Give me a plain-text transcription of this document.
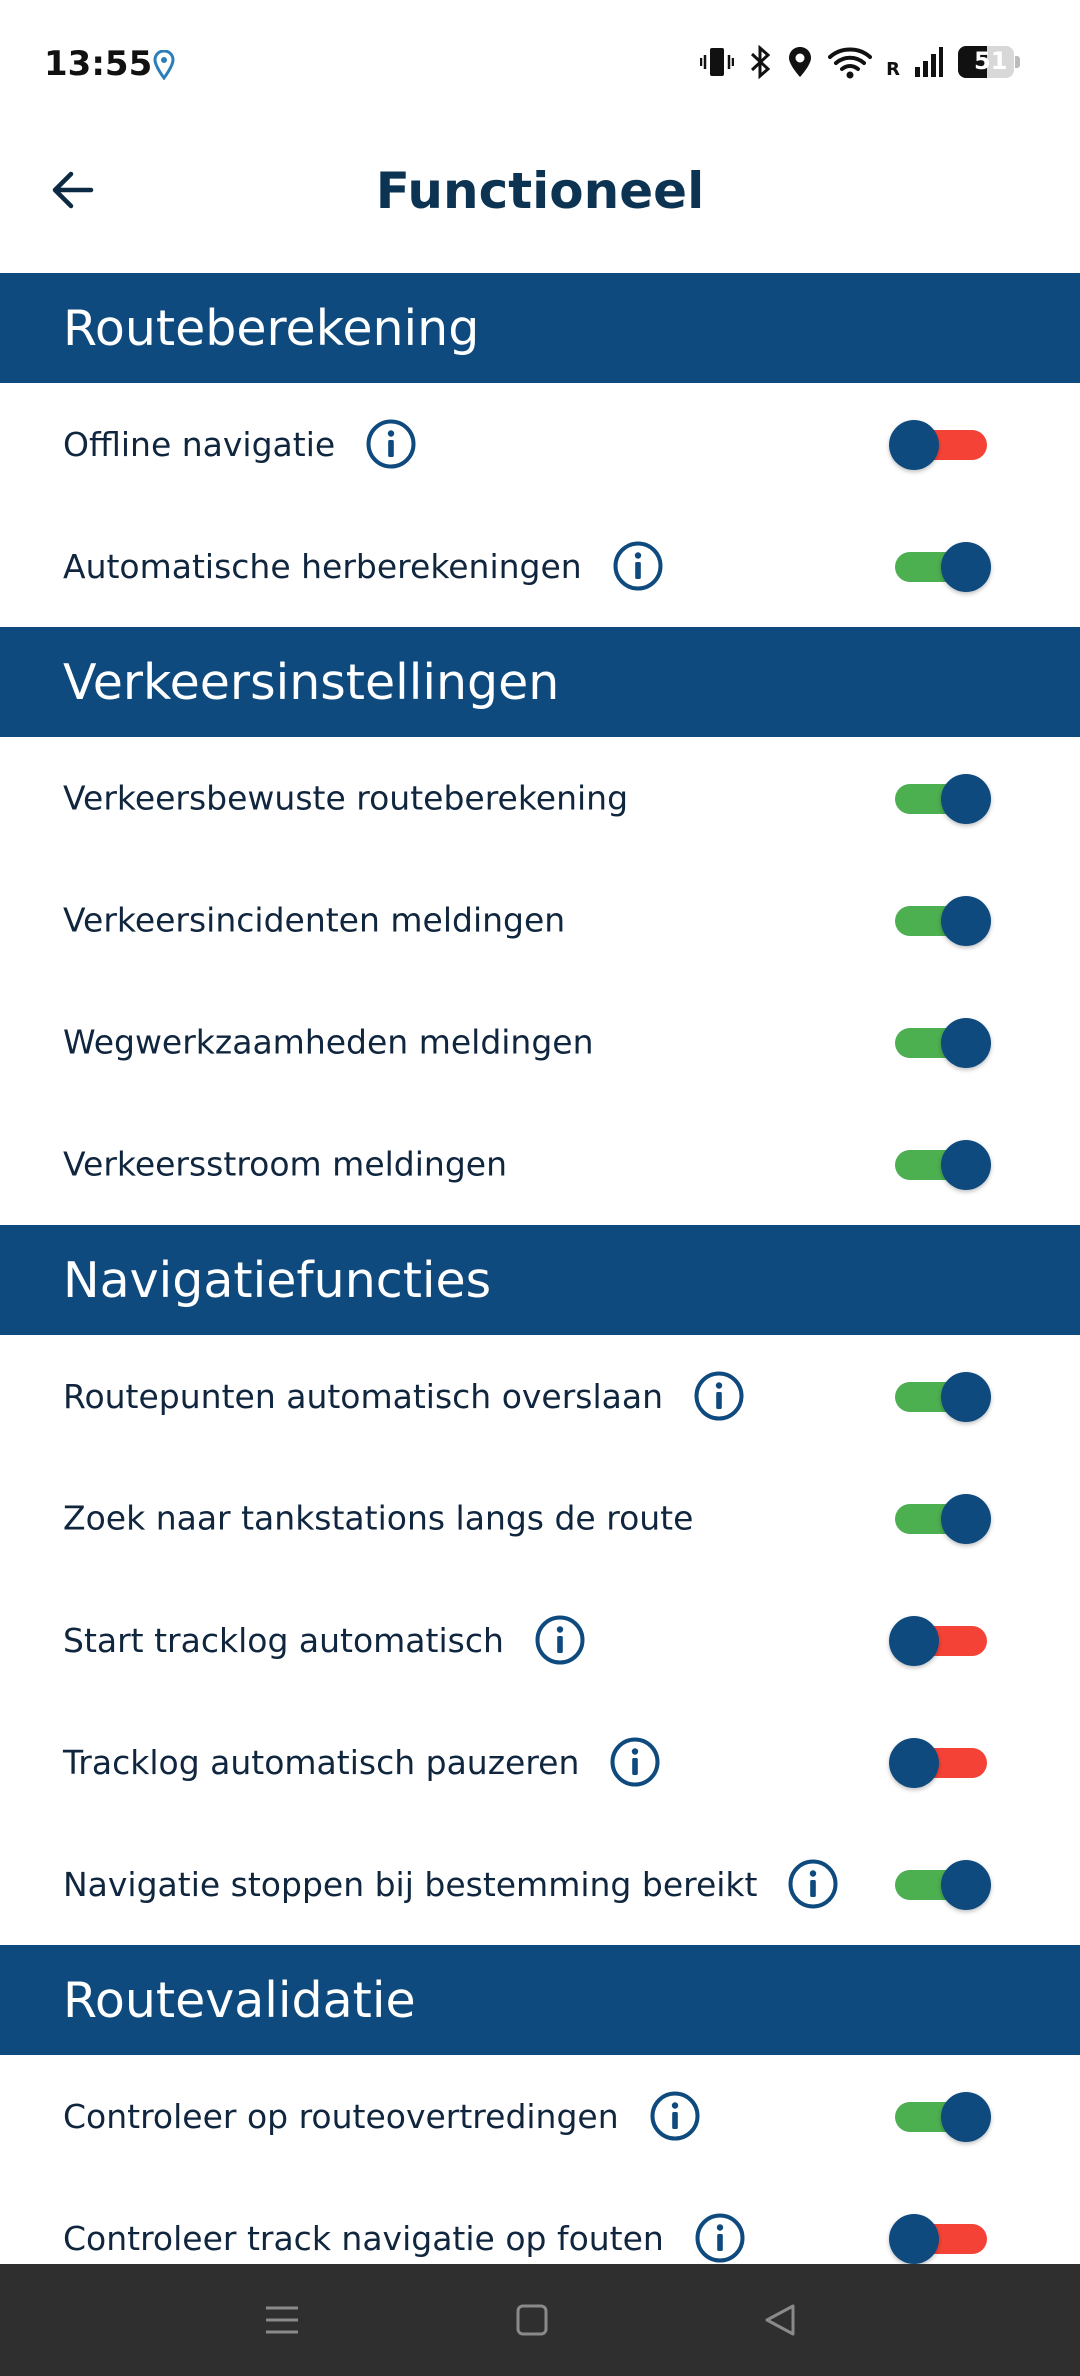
13:55	R	51
Functioneel
Routeberekening
Offline navigatie
Automatische herberekeningen
Verkeersinstellingen
Verkeersbewuste routeberekening
Verkeersincidenten meldingen
Wegwerkzaamheden meldingen
Verkeersstroom meldingen
Navigatiefuncties
Routepunten automatisch overslaan
Zoek naar tankstations langs de route
Start tracklog automatisch
Tracklog automatisch pauzeren
Navigatie stoppen bij bestemming bereikt
Routevalidatie
Controleer op routeovertredingen
Controleer track navigatie op fouten
